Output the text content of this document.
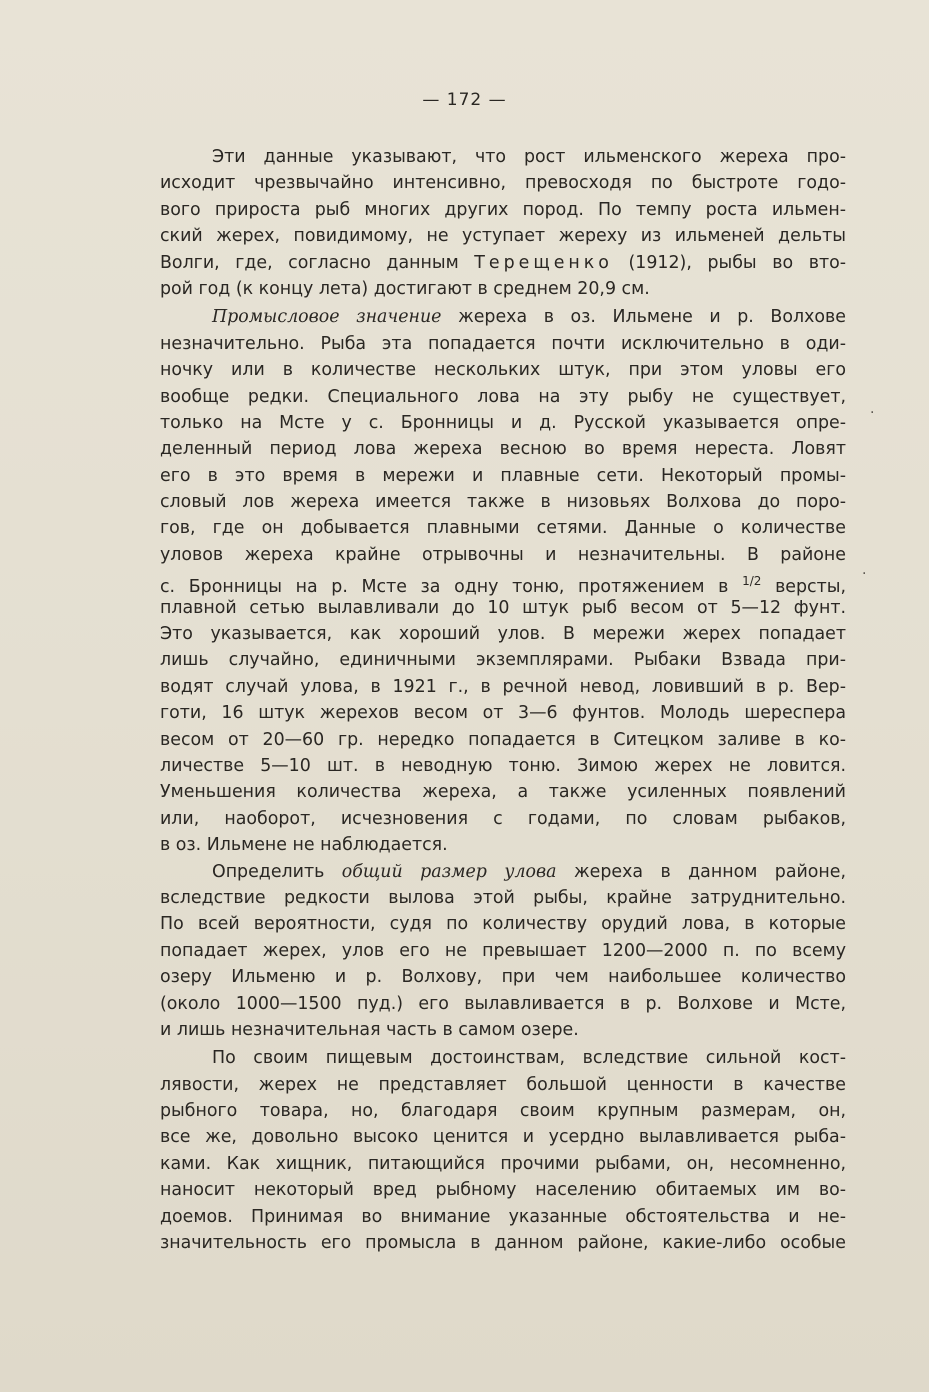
— 172 —
·
·
Эти данные указывают, что рост ильменского жереха про-
исходит чрезвычайно интенсивно, превосходя по быстроте годо-
вого прироста рыб многих других пород. По темпу роста ильмен-
ский жерех, повидимому, не уступает жереху из ильменей дельты
Волги, где, согласно данным Терещенко (1912), рыбы во вто-
рой год (к концу лета) достигают в среднем 20,9 см.
Промысловое значение жереха в оз. Ильмене и р. Волхове
незначительно. Рыба эта попадается почти исключительно в оди-
ночку или в количестве нескольких штук, при этом уловы его
вообще редки. Специального лова на эту рыбу не существует,
только на Мсте у с. Бронницы и д. Русской указывается опре-
деленный период лова жереха весною во время нереста. Ловят
его в это время в мережи и плавные сети. Некоторый промы-
словый лов жереха имеется также в низовьях Волхова до поро-
гов, где он добывается плавными сетями. Данные о количестве
уловов жереха крайне отрывочны и незначительны. В районе
с. Бронницы на р. Мсте за одну тоню, протяжением в $^{1/2}$ версты,
плавной сетью вылавливали до 10 штук рыб весом от 5—12 фунт.
Это указывается, как хороший улов. В мережи жерех попадает
лишь случайно, единичными экземплярами. Рыбаки Взвада при-
водят случай улова, в 1921 г., в речной невод, ловивший в р. Вер-
готи, 16 штук жерехов весом от 3—6 фунтов. Молодь шереспера
весом от 20—60 гр. нередко попадается в Ситецком заливе в ко-
личестве 5—10 шт. в неводную тоню. Зимою жерех не ловится.
Уменьшения количества жереха, а также усиленных появлений
или, наоборот, исчезновения с годами, по словам рыбаков,
в оз. Ильмене не наблюдается.
Определить общий размер улова жереха в данном районе,
вследствие редкости вылова этой рыбы, крайне затруднительно.
По всей вероятности, судя по количеству орудий лова, в которые
попадает жерех, улов его не превышает 1200—2000 п. по всему
озеру Ильменю и р. Волхову, при чем наибольшее количество
(около 1000—1500 пуд.) его вылавливается в р. Волхове и Мсте,
и лишь незначительная часть в самом озере.
По своим пищевым достоинствам, вследствие сильной кост-
лявости, жерех не представляет большой ценности в качестве
рыбного товара, но, благодаря своим крупным размерам, он,
все же, довольно высоко ценится и усердно вылавливается рыба-
ками. Как хищник, питающийся прочими рыбами, он, несомненно,
наносит некоторый вред рыбному населению обитаемых им во-
доемов. Принимая во внимание указанные обстоятельства и не-
значительность его промысла в данном районе, какие-либо особые
